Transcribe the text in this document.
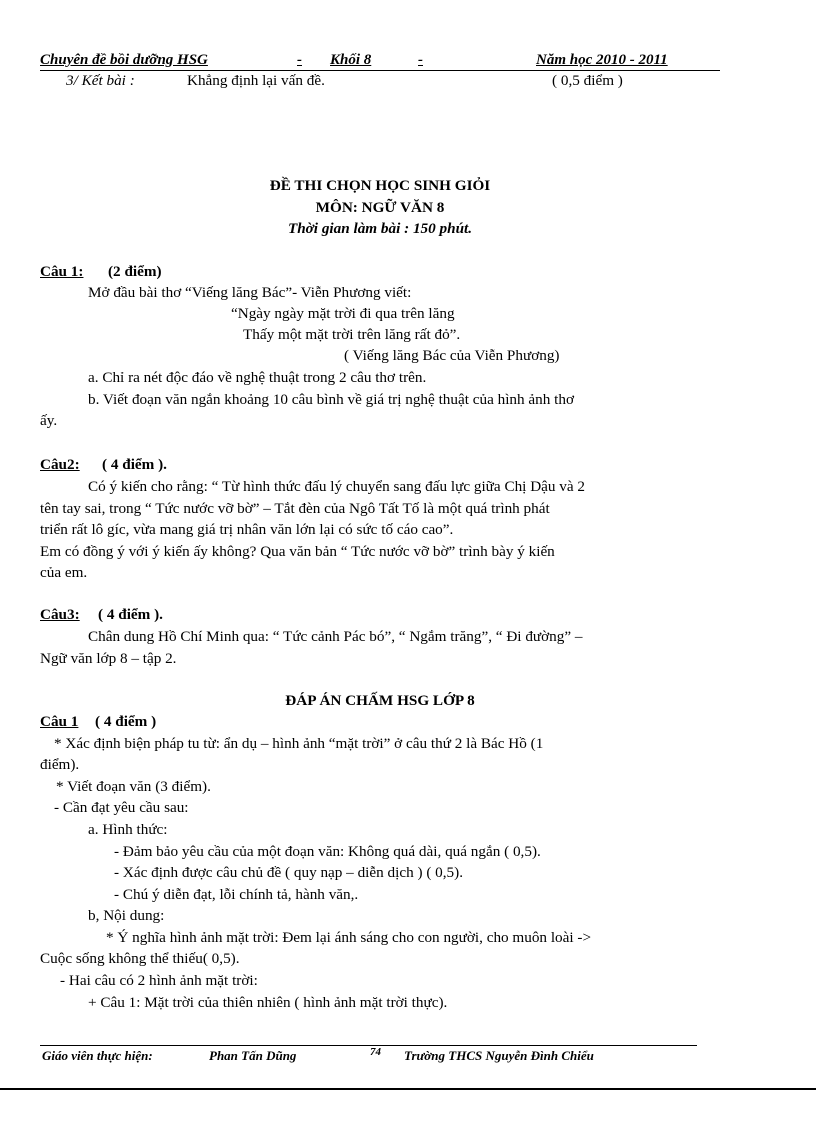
Chuyên đề bồi dưỡng HSG	- Khối 8	-	Năm học 2010 - 2011
3/ Kết bài :	Khẳng định lại vấn đề.	( 0,5 điểm )
ĐỀ THI CHỌN HỌC SINH GIỎI
MÔN: NGỮ VĂN 8
Thời gian làm bài : 150 phút.
Câu 1: (2 điểm)
Mở đầu bài thơ “Viếng lăng Bác”- Viễn Phương viết:
“Ngày ngày mặt trời đi qua trên lăng
Thấy một mặt trời trên lăng rất đỏ”.
( Viếng lăng Bác của Viễn Phương)
a. Chỉ ra nét độc đáo về nghệ thuật trong 2 câu thơ trên.
b. Viết đoạn văn ngắn khoảng 10 câu bình về giá trị nghệ thuật của hình ảnh thơ
ấy.
Câu2: ( 4 điểm ).
Có ý kiến cho rằng: “ Từ hình thức đấu lý chuyển sang đấu lực giữa Chị Dậu và 2
tên tay sai, trong “ Tức nước vỡ bờ” – Tắt đèn của Ngô Tất Tố là một quá trình phát
triển rất lô gíc, vừa mang giá trị nhân văn lớn lại có sức tố cáo cao”.
Em có đồng ý với ý kiến ấy không? Qua văn bản “ Tức nước vỡ bờ” trình bày ý kiến
của em.
Câu3: ( 4 điểm ).
Chân dung Hồ Chí Minh qua: “ Tức cảnh Pác bó”, “ Ngắm trăng”, “ Đi đường” –
Ngữ văn lớp 8 – tập 2.
ĐÁP ÁN CHẤM HSG LỚP 8
Câu 1 ( 4 điểm )
* Xác định biện pháp tu từ: ẩn dụ – hình ảnh “mặt trời” ở câu thứ 2 là Bác Hồ (1
điểm).
* Viết đoạn văn (3 điểm).
- Cần đạt yêu cầu sau:
a. Hình thức:
- Đảm bảo yêu cầu của một đoạn văn: Không quá dài, quá ngắn ( 0,5).
- Xác định được câu chủ đề ( quy nạp – diễn dịch ) ( 0,5).
- Chú ý diễn đạt, lỗi chính tả, hành văn,.
b, Nội dung:
* Ý nghĩa hình ảnh mặt trời: Đem lại ánh sáng cho con người, cho muôn loài ->
Cuộc sống không thể thiếu( 0,5).
- Hai câu có 2 hình ảnh mặt trời:
+ Câu 1: Mặt trời của thiên nhiên ( hình ảnh mặt trời thực).
Giáo viên thực hiện:	Phan Tấn Dũng	74 Trường THCS Nguyễn Đình Chiểu
